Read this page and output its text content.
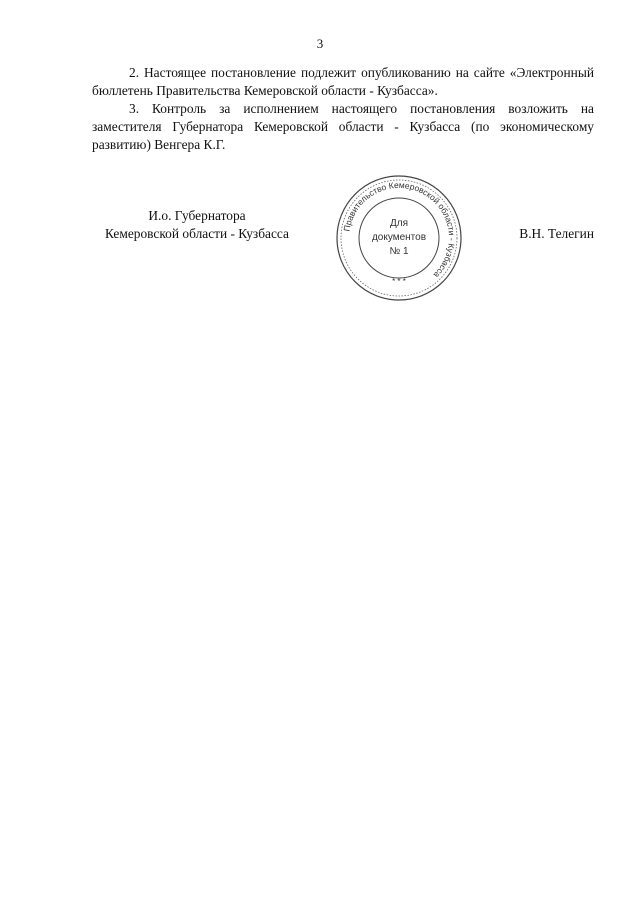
3

2. Настоящее постановление подлежит опубликованию на сайте «Электронный бюллетень Правительства Кемеровской области - Кузбасса».

3. Контроль за исполнением настоящего постановления возложить на заместителя Губернатора Кемеровской области - Кузбасса (по экономическому развитию) Венгера К.Г.

И.о. Губернатора
Кемеровской области - Кузбасса	В.Н. Телегин
Правительство Кемеровской области - Кузбасса
* * *
Для
документов
№ 1
